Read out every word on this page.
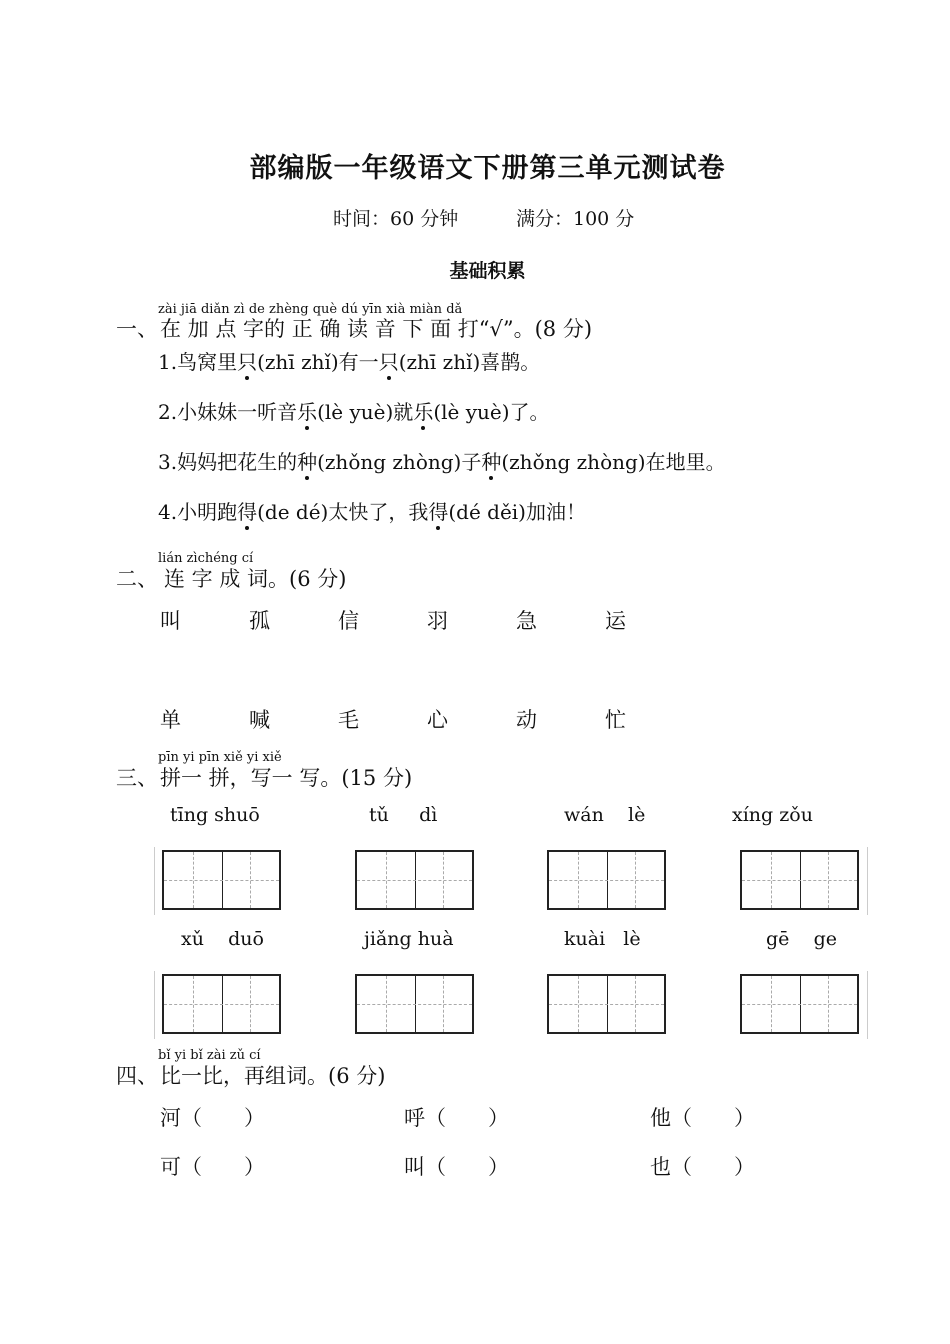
部编版一年级语文下册第三单元测试卷
时间：60 分钟	满分：100 分
基础积累
zài jiā diǎn zì de zhèng què dú yīn xià miàn dǎ
一、 在 加 点 字的 正 确 读 音 下 面 打“√”。(8 分)
1.鸟窝里只(zhī zhǐ)有一只(zhī zhǐ)喜鹊。
2.小妹妹一听音乐(lè yuè)就乐(lè yuè)了。
3.妈妈把花生的种(zhǒng zhòng)子种(zhǒng zhòng)在地里。
4.小明跑得(de dé)太快了，我得(dé děi)加油！
lián zìchéng cí
二、 连 字 成 词。(6 分)
叫	孤	信	羽	急	运
单	喊	毛	心	动	忙
pīn yi pīn xiě yi xiě
三、 拼一 拼，写一 写。(15 分)
tīng shuō	tǔ dì	wán lè	xíng zǒu
xǔ duō	jiǎng huà	kuài lè	gē ge
bǐ yi bǐ zài zǔ cí
四、 比一比，再组词。(6 分)
河（　　）	呼（　　）	他（　　）
可（　　）	叫（　　）	也（　　）
